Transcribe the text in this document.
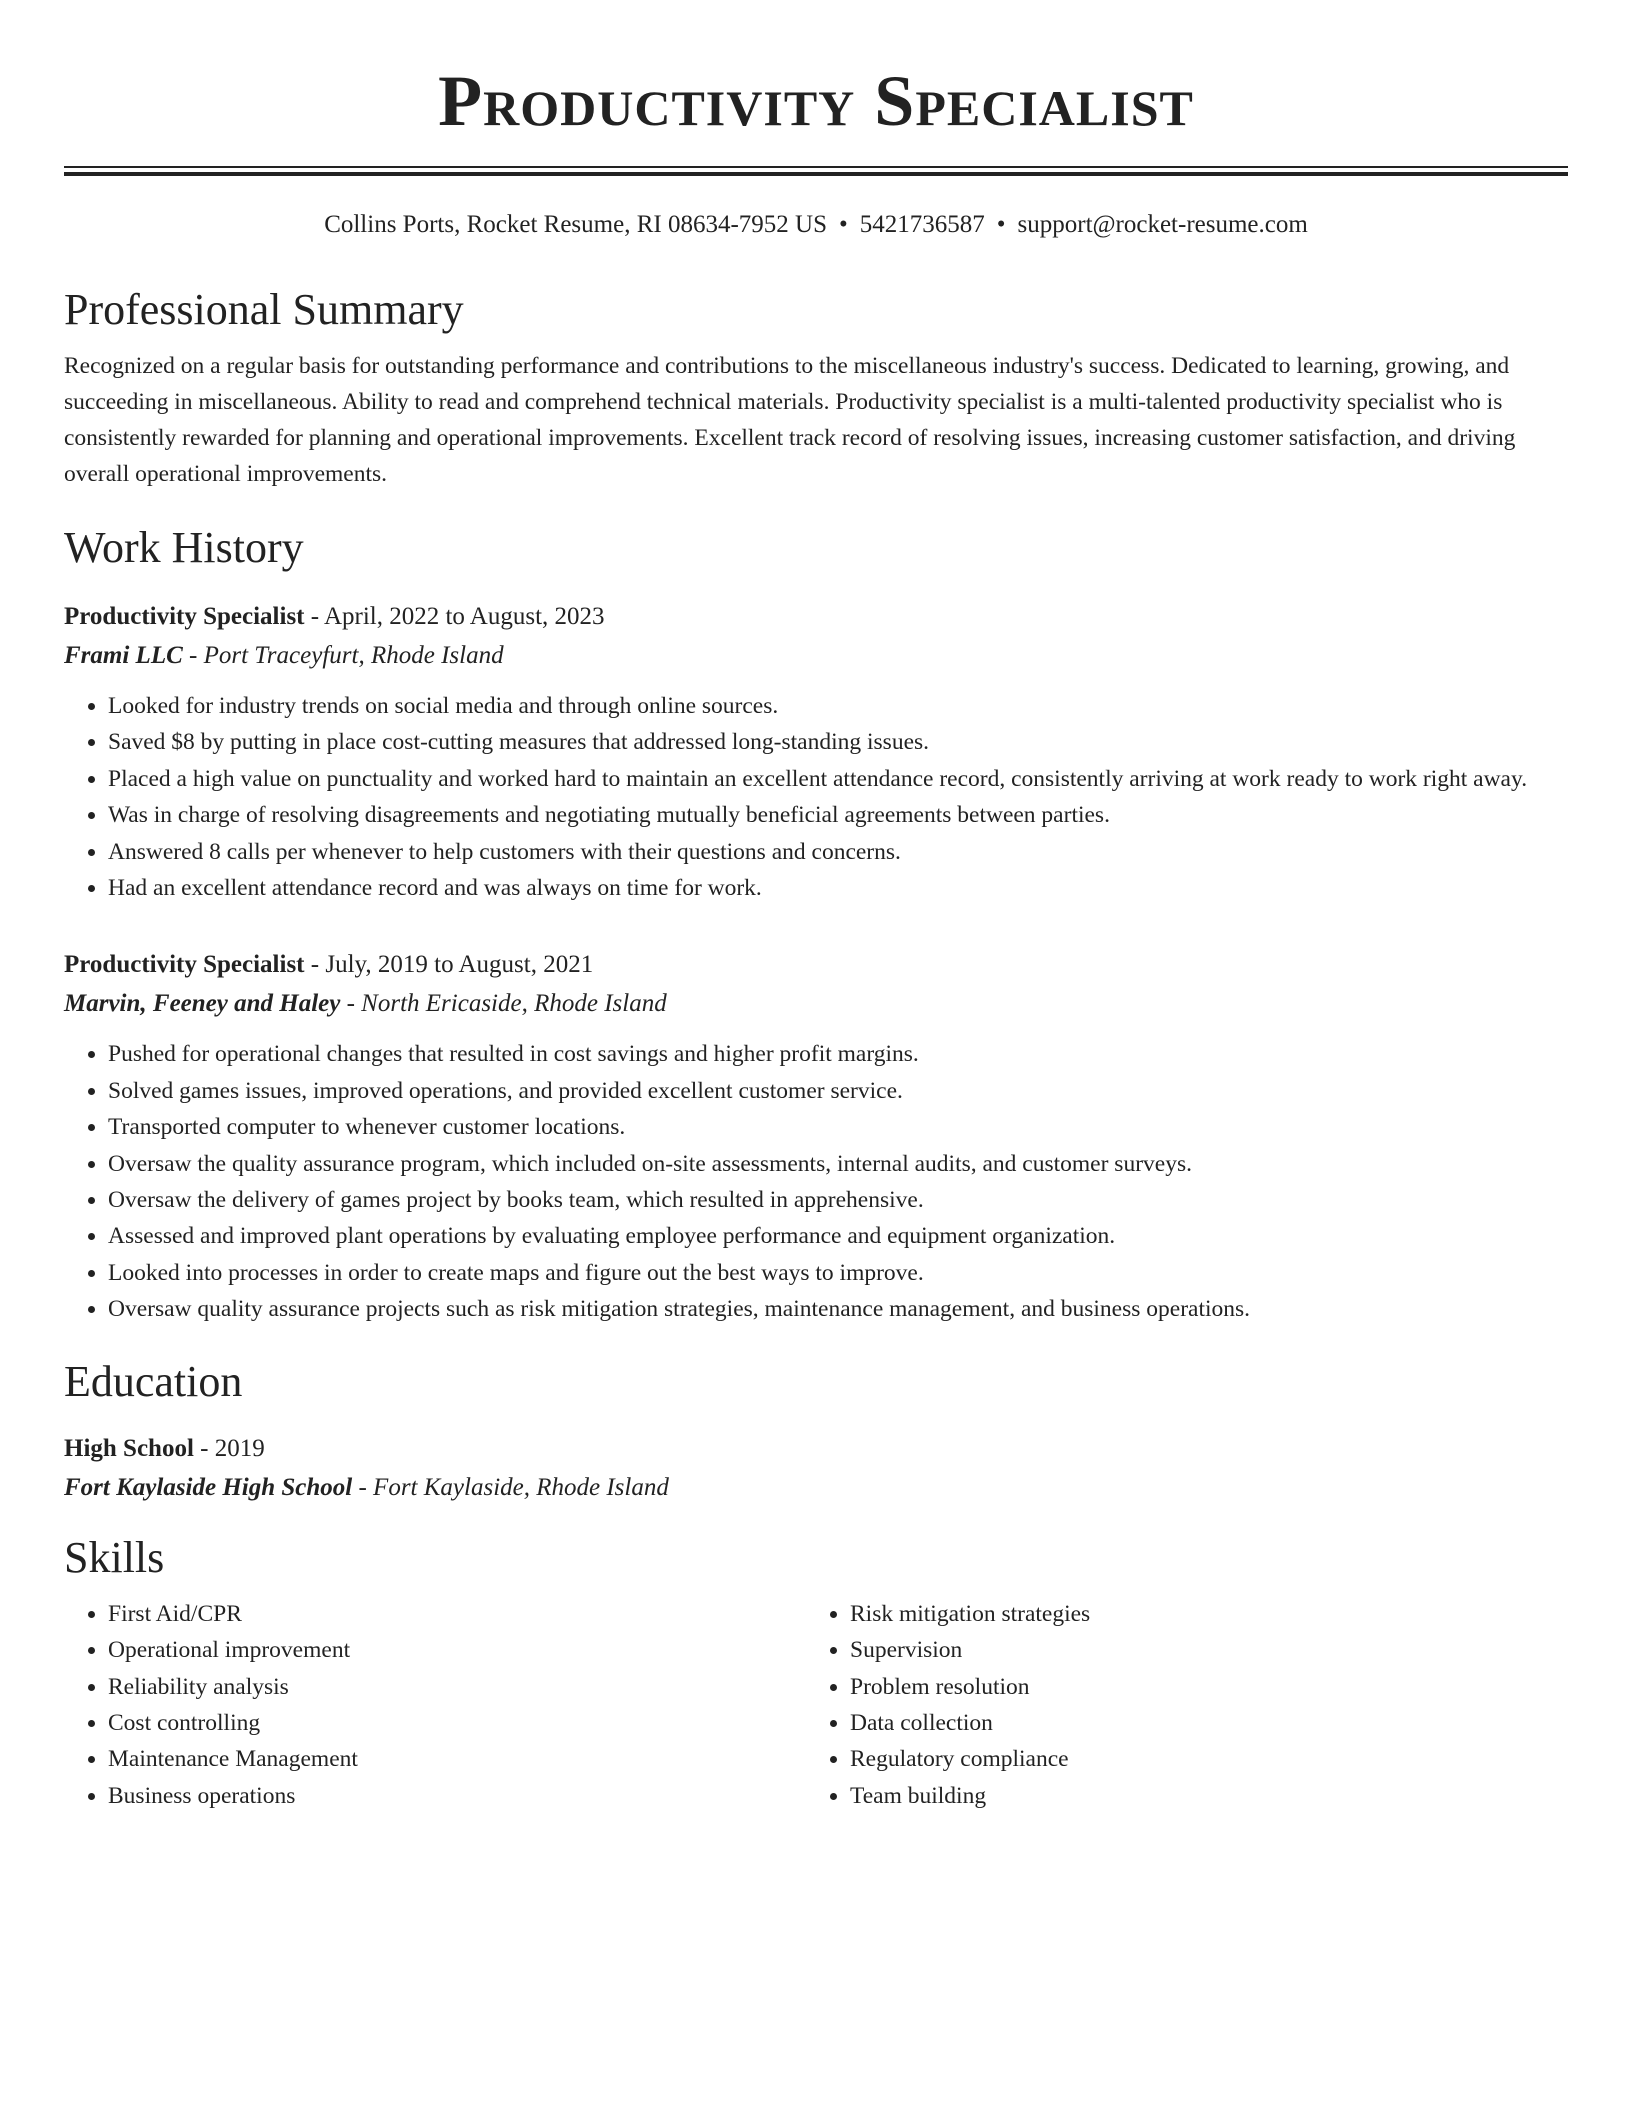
Productivity Specialist
Collins Ports, Rocket Resume, RI 08634-7952 US • 5421736587 • support@rocket-resume.com
Professional Summary

Recognized on a regular basis for outstanding performance and contributions to the miscellaneous industry's success. Dedicated to learning, growing, and succeeding in miscellaneous. Ability to read and comprehend technical materials. Productivity specialist is a multi-talented productivity specialist who is consistently rewarded for planning and operational improvements. Excellent track record of resolving issues, increasing customer satisfaction, and driving overall operational improvements.

Work History
Productivity Specialist - April, 2022 to August, 2023
Frami LLC - Port Traceyfurt, Rhode Island
• Looked for industry trends on social media and through online sources.
• Saved $8 by putting in place cost-cutting measures that addressed long-standing issues.
• Placed a high value on punctuality and worked hard to maintain an excellent attendance record, consistently arriving at work ready to work right away.
• Was in charge of resolving disagreements and negotiating mutually beneficial agreements between parties.
• Answered 8 calls per whenever to help customers with their questions and concerns.
• Had an excellent attendance record and was always on time for work.
Productivity Specialist - July, 2019 to August, 2021
Marvin, Feeney and Haley - North Ericaside, Rhode Island
• Pushed for operational changes that resulted in cost savings and higher profit margins.
• Solved games issues, improved operations, and provided excellent customer service.
• Transported computer to whenever customer locations.
• Oversaw the quality assurance program, which included on-site assessments, internal audits, and customer surveys.
• Oversaw the delivery of games project by books team, which resulted in apprehensive.
• Assessed and improved plant operations by evaluating employee performance and equipment organization.
• Looked into processes in order to create maps and figure out the best ways to improve.
• Oversaw quality assurance projects such as risk mitigation strategies, maintenance management, and business operations.
Education
High School - 2019
Fort Kaylaside High School - Fort Kaylaside, Rhode Island
Skills
• First Aid/CPR
• Operational improvement
• Reliability analysis
• Cost controlling
• Maintenance Management
• Business operations
• Risk mitigation strategies
• Supervision
• Problem resolution
• Data collection
• Regulatory compliance
• Team building
